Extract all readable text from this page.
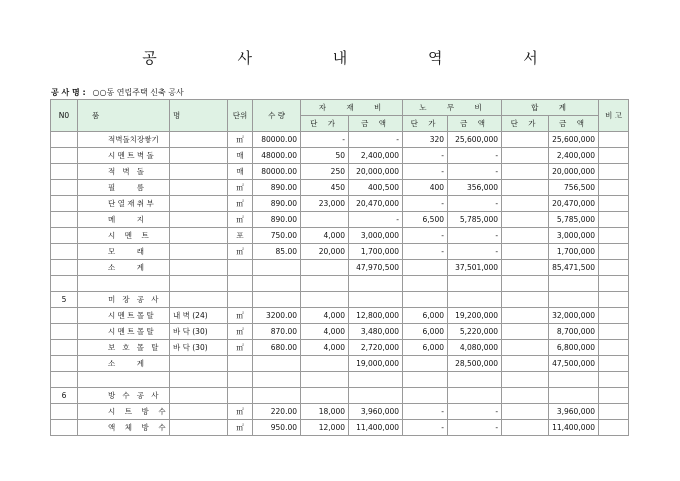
공 사 내 역 서
공 사 명 : ○○동 연립주택 신축 공사
N0	품	명	단위	수 량	자 재 비		노 무 비		합 계		비 고
					단 가	금 액	단 가	금 액	단 가	금 액	
	적벽돌치장쌓기		㎡	80000.00	-	-	320	25,600,000		25,600,000	
	시 멘 트 벽 돌		매	48000.00	50	2,400,000	-	-		2,400,000	
	적   벽   돌		매	80000.00	250	20,000,000	-	-		20,000,000	
	필         름		㎡	890.00	450	400,500	400	356,000		756,500	
	단 열 재 취 부		㎡	890.00	23,000	20,470,000	-	-		20,470,000	
	메         지		㎡	890.00		-	6,500	5,785,000		5,785,000	
	시    멘    트		포	750.00	4,000	3,000,000	-	-		3,000,000	
	모         래		㎡	85.00	20,000	1,700,000	-	-		1,700,000	
	소         계					47,970,500		37,501,000		85,471,500	

5	미   장   공   사										
	시 멘 트 몰 탈	내 벽 (24)	㎡	3200.00	4,000	12,800,000	6,000	19,200,000		32,000,000	
	시 멘 트 몰 탈	바 닥 (30)	㎡	870.00	4,000	3,480,000	6,000	5,220,000		8,700,000	
	보   호   몰   탈	바 닥 (30)	㎡	680.00	4,000	2,720,000	6,000	4,080,000		6,800,000	
	소         계					19,000,000		28,500,000		47,500,000	

6	방   수   공   사										
	시    트    방    수		㎡	220.00	18,000	3,960,000	-	-		3,960,000	
	액    체    방    수		㎡	950.00	12,000	11,400,000	-	-		11,400,000	
